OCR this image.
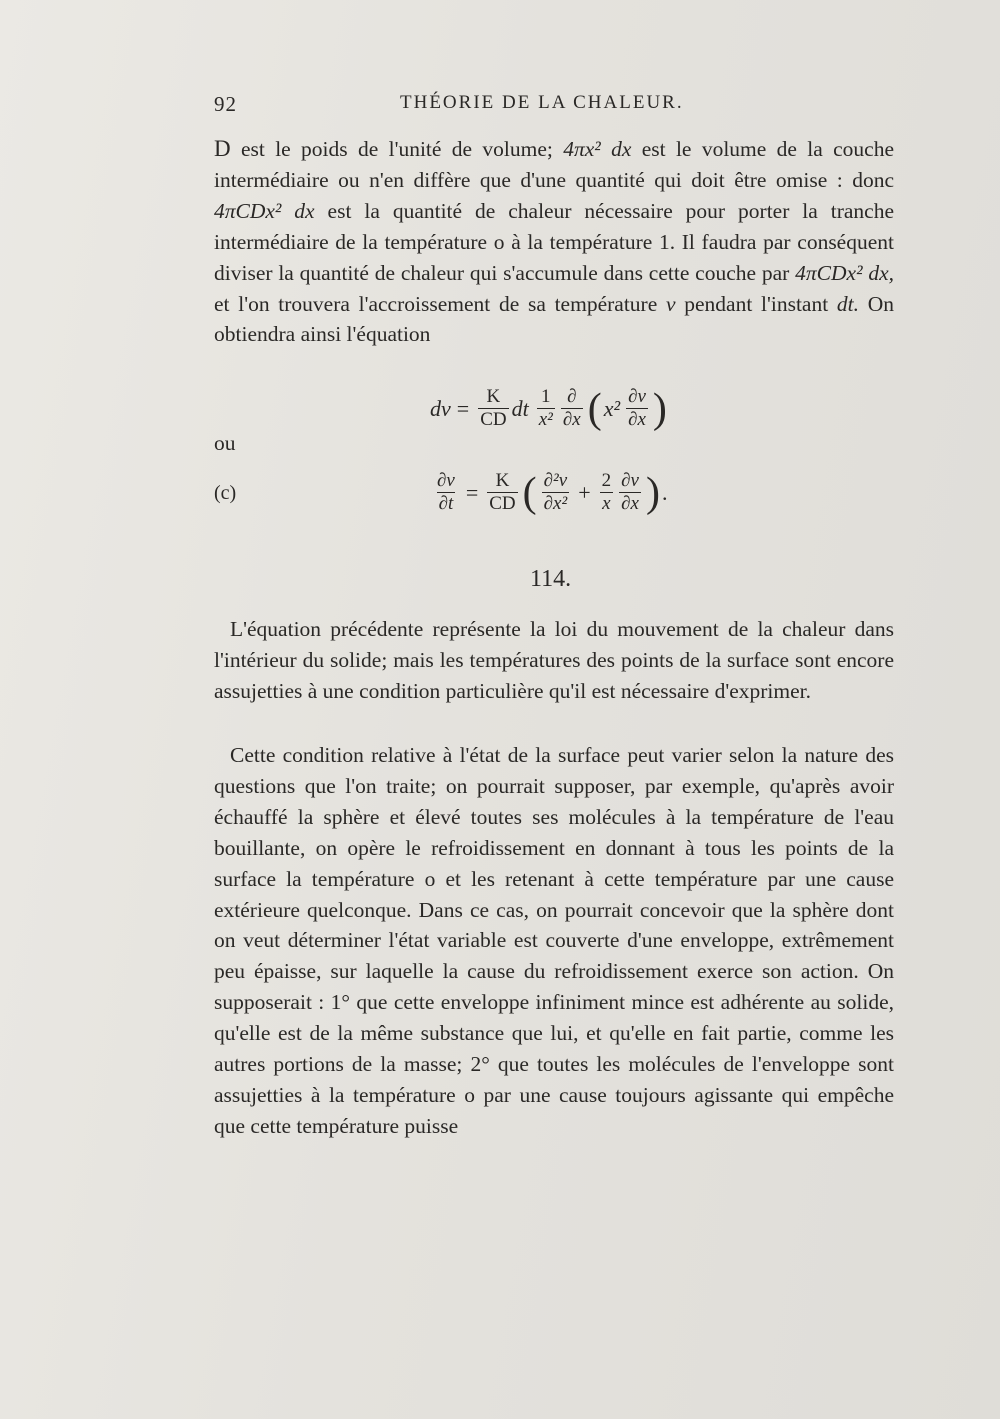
92	THÉORIE DE LA CHALEUR.
D est le poids de l'unité de volume; 4πx² dx est le volume de la couche intermédiaire ou n'en diffère que d'une quantité qui doit être omise : donc 4πCDx² dx est la quantité de chaleur nécessaire pour porter la tranche intermédiaire de la température o à la température 1. Il faudra par conséquent diviser la quantité de chaleur qui s'accumule dans cette couche par 4πCDx² dx, et l'on trouvera l'accroissement de sa température v pendant l'instant dt. On obtiendra ainsi l'équation
dv = $\frac{K}{CD}$ dt $\frac{1}{\text{x²}} \frac{\partial}{\partial x}$ ( $x^2 \frac{\partial v}{\partial x}$ )
ou
(c)	$\frac{\partial v}{\partial t} = \frac{K}{CD}$ ( $\frac{\text{∂²v}}{\text{∂x²}} + \frac{2}{x} \frac{\partial v}{\partial x}$ ) .
114.
L'équation précédente représente la loi du mouvement de la chaleur dans l'intérieur du solide; mais les températures des points de la surface sont encore assujetties à une condition particulière qu'il est nécessaire d'exprimer.
Cette condition relative à l'état de la surface peut varier selon la nature des questions que l'on traite; on pourrait supposer, par exemple, qu'après avoir échauffé la sphère et élevé toutes ses molécules à la température de l'eau bouillante, on opère le refroidissement en donnant à tous les points de la surface la température o et les retenant à cette température par une cause extérieure quelconque. Dans ce cas, on pourrait concevoir que la sphère dont on veut déterminer l'état variable est couverte d'une enveloppe, extrêmement peu épaisse, sur laquelle la cause du refroidissement exerce son action. On supposerait : 1° que cette enveloppe infiniment mince est adhérente au solide, qu'elle est de la même substance que lui, et qu'elle en fait partie, comme les autres portions de la masse; 2° que toutes les molécules de l'enveloppe sont assujetties à la température o par une cause toujours agissante qui empêche que cette température puisse
